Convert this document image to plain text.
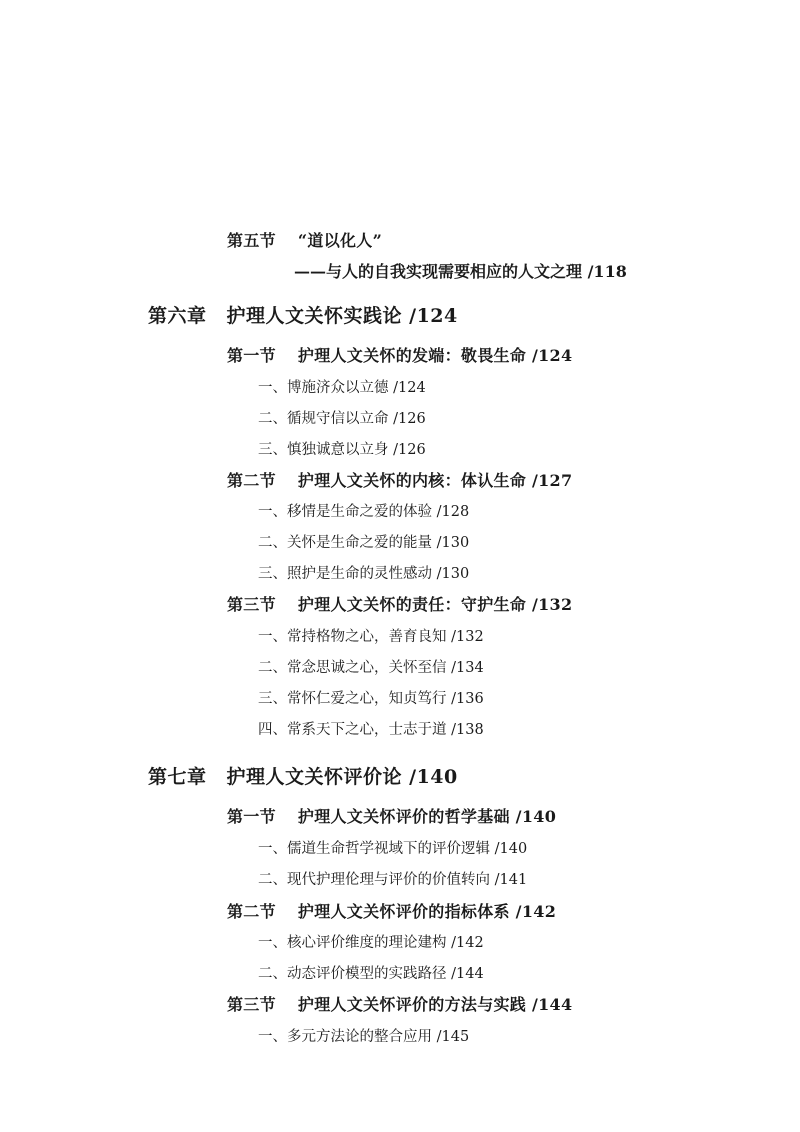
第五节 “道以化人”
——与人的自我实现需要相应的人文之理 /118
第六章 护理人文关怀实践论 /124
第一节 护理人文关怀的发端：敬畏生命 /124
一、博施济众以立德 /124
二、循规守信以立命 /126
三、慎独诚意以立身 /126
第二节 护理人文关怀的内核：体认生命 /127
一、移情是生命之爱的体验 /128
二、关怀是生命之爱的能量 /130
三、照护是生命的灵性感动 /130
第三节 护理人文关怀的责任：守护生命 /132
一、常持格物之心，善育良知 /132
二、常念思诚之心，关怀至信 /134
三、常怀仁爱之心，知贞笃行 /136
四、常系天下之心，士志于道 /138
第七章 护理人文关怀评价论 /140
第一节 护理人文关怀评价的哲学基础 /140
一、儒道生命哲学视域下的评价逻辑 /140
二、现代护理伦理与评价的价值转向 /141
第二节 护理人文关怀评价的指标体系 /142
一、核心评价维度的理论建构 /142
二、动态评价模型的实践路径 /144
第三节 护理人文关怀评价的方法与实践 /144
一、多元方法论的整合应用 /145
